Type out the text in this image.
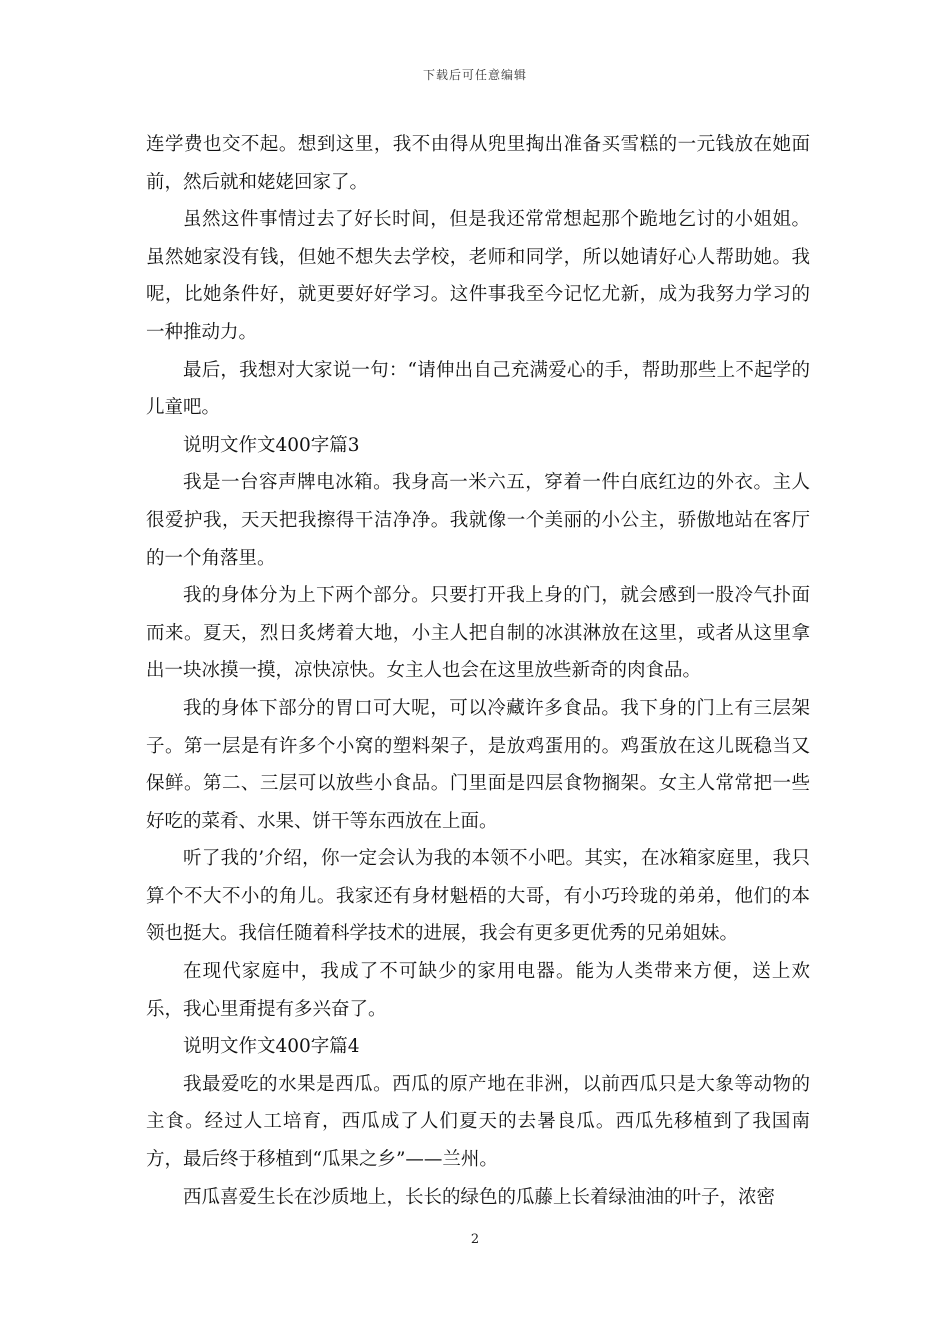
下载后可任意编辑

连学费也交不起。想到这里，我不由得从兜里掏出准备买雪糕的一元钱放在她面前，然后就和姥姥回家了。

虽然这件事情过去了好长时间，但是我还常常想起那个跪地乞讨的小姐姐。虽然她家没有钱，但她不想失去学校，老师和同学，所以她请好心人帮助她。我呢，比她条件好，就更要好好学习。这件事我至今记忆尤新，成为我努力学习的一种推动力。

最后，我想对大家说一句：“请伸出自己充满爱心的手，帮助那些上不起学的儿童吧。

说明文作文400字篇3

我是一台容声牌电冰箱。我身高一米六五，穿着一件白底红边的外衣。主人很爱护我，天天把我擦得干洁净净。我就像一个美丽的小公主，骄傲地站在客厅的一个角落里。

我的身体分为上下两个部分。只要打开我上身的门，就会感到一股冷气扑面而来。夏天，烈日炙烤着大地，小主人把自制的冰淇淋放在这里，或者从这里拿出一块冰摸一摸，凉快凉快。女主人也会在这里放些新奇的肉食品。

我的身体下部分的胃口可大呢，可以冷藏许多食品。我下身的门上有三层架子。第一层是有许多个小窝的塑料架子，是放鸡蛋用的。鸡蛋放在这儿既稳当又保鲜。第二、三层可以放些小食品。门里面是四层食物搁架。女主人常常把一些好吃的菜肴、水果、饼干等东西放在上面。

听了我的’介绍，你一定会认为我的本领不小吧。其实，在冰箱家庭里，我只算个不大不小的角儿。我家还有身材魁梧的大哥，有小巧玲珑的弟弟，他们的本领也挺大。我信任随着科学技术的进展，我会有更多更优秀的兄弟姐妹。

在现代家庭中，我成了不可缺少的家用电器。能为人类带来方便，送上欢乐，我心里甭提有多兴奋了。

说明文作文400字篇4

我最爱吃的水果是西瓜。西瓜的原产地在非洲，以前西瓜只是大象等动物的主食。经过人工培育，西瓜成了人们夏天的去暑良瓜。西瓜先移植到了我国南方，最后终于移植到“瓜果之乡”——兰州。

西瓜喜爱生长在沙质地上，长长的绿色的瓜藤上长着绿油油的叶子，浓密

2
